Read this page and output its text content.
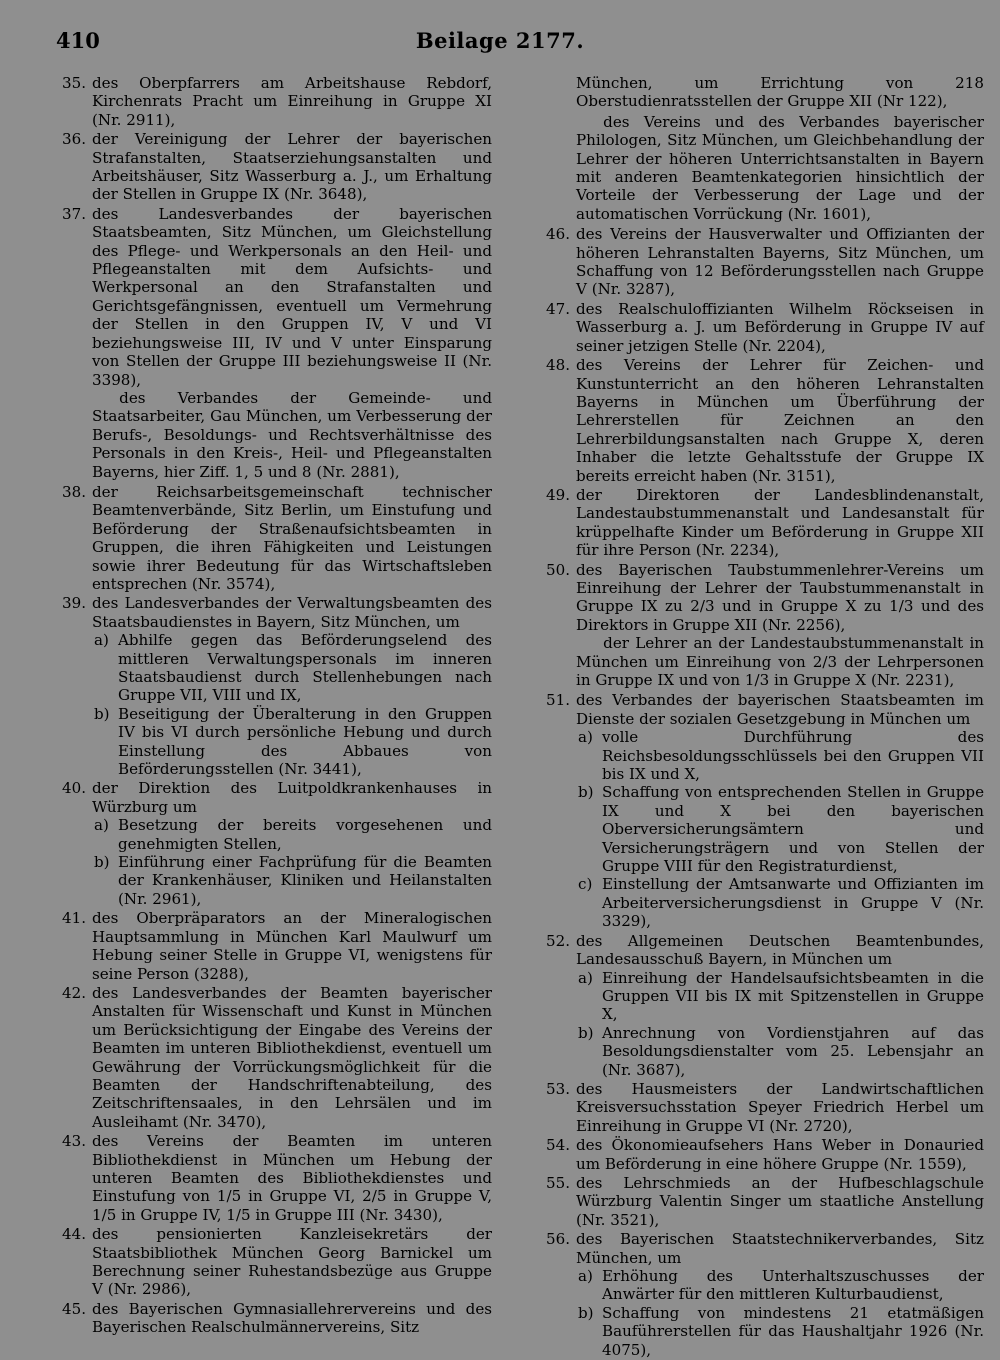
410	Beilage 2177.
35. des Oberpfarrers am Arbeitshause Rebdorf, Kirchenrats Pracht um Einreihung in Gruppe XI (Nr. 2911),
36. der Vereinigung der Lehrer der bayerischen Strafanstalten, Staatserziehungsanstalten und Arbeitshäuser, Sitz Wasserburg a. J., um Erhaltung der Stellen in Gruppe IX (Nr. 3648),
37. des Landesverbandes der bayerischen Staatsbeamten, Sitz München, um Gleichstellung des Pflege- und Werkpersonals an den Heil- und Pflegeanstalten mit dem Aufsichts- und Werkpersonal an den Strafanstalten und Gerichtsgefängnissen, eventuell um Vermehrung der Stellen in den Gruppen IV, V und VI beziehungsweise III, IV und V unter Einsparung von Stellen der Gruppe III beziehungsweise II (Nr. 3398),
des Verbandes der Gemeinde- und Staatsarbeiter, Gau München, um Verbesserung der Berufs-, Besoldungs- und Rechtsverhältnisse des Personals in den Kreis-, Heil- und Pflegeanstalten Bayerns, hier Ziff. 1, 5 und 8 (Nr. 2881),
38. der Reichsarbeitsgemeinschaft technischer Beamtenverbände, Sitz Berlin, um Einstufung und Beförderung der Straßenaufsichtsbeamten in Gruppen, die ihren Fähigkeiten und Leistungen sowie ihrer Bedeutung für das Wirtschaftsleben entsprechen (Nr. 3574),
39. des Landesverbandes der Verwaltungsbeamten des Staatsbaudienstes in Bayern, Sitz München, um
a) Abhilfe gegen das Beförderungselend des mittleren Verwaltungspersonals im inneren Staatsbaudienst durch Stellenhebungen nach Gruppe VII, VIII und IX,
b) Beseitigung der Überalterung in den Gruppen IV bis VI durch persönliche Hebung und durch Einstellung des Abbaues von Beförderungsstellen (Nr. 3441),
40. der Direktion des Luitpoldkrankenhauses in Würzburg um
a) Besetzung der bereits vorgesehenen und genehmigten Stellen,
b) Einführung einer Fachprüfung für die Beamten der Krankenhäuser, Kliniken und Heilanstalten (Nr. 2961),
41. des Oberpräparators an der Mineralogischen Hauptsammlung in München Karl Maulwurf um Hebung seiner Stelle in Gruppe VI, wenigstens für seine Person (3288),
42. des Landesverbandes der Beamten bayerischer Anstalten für Wissenschaft und Kunst in München um Berücksichtigung der Eingabe des Vereins der Beamten im unteren Bibliothekdienst, eventuell um Gewährung der Vorrückungsmöglichkeit für die Beamten der Handschriftenabteilung, des Zeitschriftensaales, in den Lehrsälen und im Ausleihamt (Nr. 3470),
43. des Vereins der Beamten im unteren Bibliothekdienst in München um Hebung der unteren Beamten des Bibliothekdienstes und Einstufung von 1/5 in Gruppe VI, 2/5 in Gruppe V, 1/5 in Gruppe IV, 1/5 in Gruppe III (Nr. 3430),
44. des pensionierten Kanzleisekretärs der Staatsbibliothek München Georg Barnickel um Berechnung seiner Ruhestandsbezüge aus Gruppe V (Nr. 2986),
45. des Bayerischen Gymnasiallehrervereins und des Bayerischen Realschulmännervereins, Sitz
München, um Errichtung von 218 Oberstudienratsstellen der Gruppe XII (Nr 122),
des Vereins und des Verbandes bayerischer Philologen, Sitz München, um Gleichbehandlung der Lehrer der höheren Unterrichtsanstalten in Bayern mit anderen Beamtenkategorien hinsichtlich der Vorteile der Verbesserung der Lage und der automatischen Vorrückung (Nr. 1601),
46. des Vereins der Hausverwalter und Offizianten der höheren Lehranstalten Bayerns, Sitz München, um Schaffung von 12 Beförderungsstellen nach Gruppe V (Nr. 3287),
47. des Realschuloffizianten Wilhelm Röckseisen in Wasserburg a. J. um Beförderung in Gruppe IV auf seiner jetzigen Stelle (Nr. 2204),
48. des Vereins der Lehrer für Zeichen- und Kunstunterricht an den höheren Lehranstalten Bayerns in München um Überführung der Lehrerstellen für Zeichnen an den Lehrerbildungsanstalten nach Gruppe X, deren Inhaber die letzte Gehaltsstufe der Gruppe IX bereits erreicht haben (Nr. 3151),
49. der Direktoren der Landesblindenanstalt, Landestaubstummenanstalt und Landesanstalt für krüppelhafte Kinder um Beförderung in Gruppe XII für ihre Person (Nr. 2234),
50. des Bayerischen Taubstummenlehrer-Vereins um Einreihung der Lehrer der Taubstummenanstalt in Gruppe IX zu 2/3 und in Gruppe X zu 1/3 und des Direktors in Gruppe XII (Nr. 2256),
der Lehrer an der Landestaubstummenanstalt in München um Einreihung von 2/3 der Lehrpersonen in Gruppe IX und von 1/3 in Gruppe X (Nr. 2231),
51. des Verbandes der bayerischen Staatsbeamten im Dienste der sozialen Gesetzgebung in München um
a) volle Durchführung des Reichsbesoldungsschlüssels bei den Gruppen VII bis IX und X,
b) Schaffung von entsprechenden Stellen in Gruppe IX und X bei den bayerischen Oberversicherungsämtern und Versicherungsträgern und von Stellen der Gruppe VIII für den Registraturdienst,
c) Einstellung der Amtsanwarte und Offizianten im Arbeiterversicherungsdienst in Gruppe V (Nr. 3329),
52. des Allgemeinen Deutschen Beamtenbundes, Landesausschuß Bayern, in München um
a) Einreihung der Handelsaufsichtsbeamten in die Gruppen VII bis IX mit Spitzenstellen in Gruppe X,
b) Anrechnung von Vordienstjahren auf das Besoldungsdienstalter vom 25. Lebensjahr an (Nr. 3687),
53. des Hausmeisters der Landwirtschaftlichen Kreisversuchsstation Speyer Friedrich Herbel um Einreihung in Gruppe VI (Nr. 2720),
54. des Ökonomieaufsehers Hans Weber in Donauried um Beförderung in eine höhere Gruppe (Nr. 1559),
55. des Lehrschmieds an der Hufbeschlagschule Würzburg Valentin Singer um staatliche Anstellung (Nr. 3521),
56. des Bayerischen Staatstechnikerverbandes, Sitz München, um
a) Erhöhung des Unterhaltszuschusses der Anwärter für den mittleren Kulturbaudienst,
b) Schaffung von mindestens 21 etatmäßigen Bauführerstellen für das Haushaltjahr 1926 (Nr. 4075),
